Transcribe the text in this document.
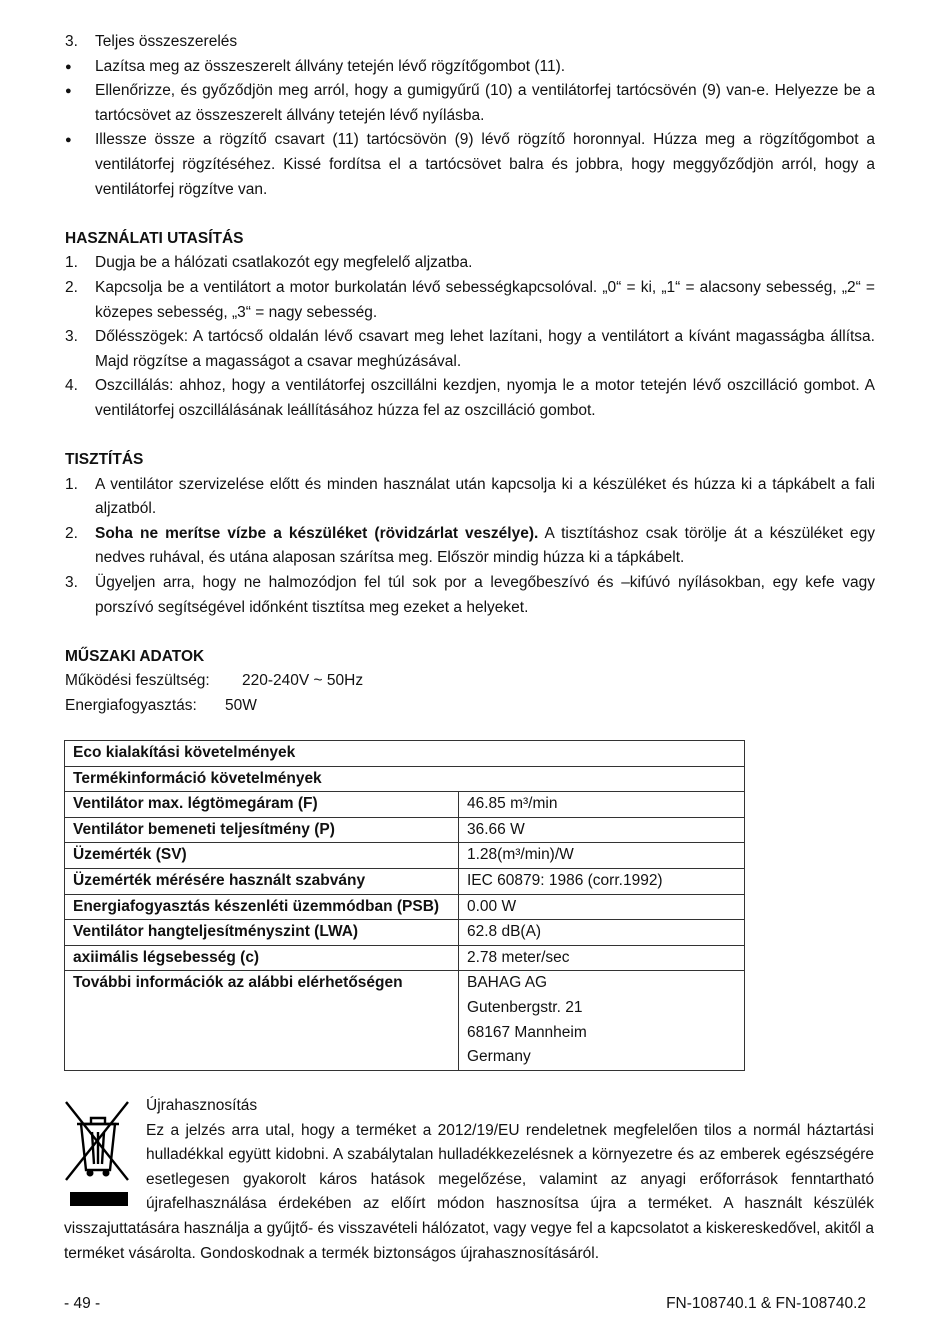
3. Teljes összeszerelés
● Lazítsa meg az összeszerelt állvány tetején lévő rögzítőgombot (11).
● Ellenőrizze, és győződjön meg arról, hogy a gumigyűrű (10) a ventilátorfej tartócsövén (9) van-e. Helyezze be a tartócsövet az összeszerelt állvány tetején lévő nyílásba.
● Illessze össze a rögzítő csavart (11) tartócsövön (9) lévő rögzítő horonnyal. Húzza meg a rögzítőgombot a ventilátorfej rögzítéséhez. Kissé fordítsa el a tartócsövet balra és jobbra, hogy meggyőződjön arról, hogy a ventilátorfej rögzítve van.
HASZNÁLATI UTASÍTÁS
1. Dugja be a hálózati csatlakozót egy megfelelő aljzatba.
2. Kapcsolja be a ventilátort a motor burkolatán lévő sebességkapcsolóval. „0“ = ki, „1“ = alacsony sebesség, „2“ = közepes sebesség, „3“ = nagy sebesség.
3. Dőlésszögek: A tartócső oldalán lévő csavart meg lehet lazítani, hogy a ventilátort a kívánt magasságba állítsa. Majd rögzítse a magasságot a csavar meghúzásával.
4. Oszcillálás: ahhoz, hogy a ventilátorfej oszcillálni kezdjen, nyomja le a motor tetején lévő oszcilláció gombot. A ventilátorfej oszcillálásának leállításához húzza fel az oszcilláció gombot.
TISZTÍTÁS
1. A ventilátor szervizelése előtt és minden használat után kapcsolja ki a készüléket és húzza ki a tápkábelt a fali aljzatból.
2. Soha ne merítse vízbe a készüléket (rövidzárlat veszélye). A tisztításhoz csak törölje át a készüléket egy nedves ruhával, és utána alaposan szárítsa meg. Először mindig húzza ki a tápkábelt.
3. Ügyeljen arra, hogy ne halmozódjon fel túl sok por a levegőbeszívó és –kifúvó nyílásokban, egy kefe vagy porszívó segítségével időnként tisztítsa meg ezeket a helyeket.
MŰSZAKI ADATOK
Működési feszültség:	220-240V ~ 50Hz
Energiafogyasztás:	50W
Eco kialakítási követelmények	
Termékinformáció követelmények	
Ventilátor max. légtömegáram (F)	46.85 m³/min
Ventilátor bemeneti teljesítmény (P)	36.66 W
Üzemérték (SV)	1.28(m³/min)/W
Üzemérték mérésére használt szabvány	IEC 60879: 1986 (corr.1992)
Energiafogyasztás készenléti üzemmódban (PSB)	0.00 W
Ventilátor hangteljesítményszint (LWA)	62.8 dB(A)
axiimális légsebesség (c)	2.78 meter/sec
További információk az alábbi elérhetőségen	BAHAG AG
Gutenbergstr. 21
68167 Mannheim
Germany
Újrahasznosítás
Ez a jelzés arra utal, hogy a terméket a 2012/19/EU rendeletnek megfelelően tilos a normál háztartási hulladékkal együtt kidobni. A szabálytalan hulladékkezelésnek a környezetre és az emberek egészségére esetlegesen gyakorolt káros hatások megelőzése, valamint az anyagi erőforrások fenntartható újrafelhasználása érdekében az előírt módon hasznosítsa újra a terméket. A használt készülék visszajuttatására használja a gyűjtő- és visszavételi hálózatot, vagy vegye fel a kapcsolatot a kiskereskedővel, akitől a terméket vásárolta. Gondoskodnak a termék biztonságos újrahasznosításáról.
- 49 -	FN-108740.1 & FN-108740.2
